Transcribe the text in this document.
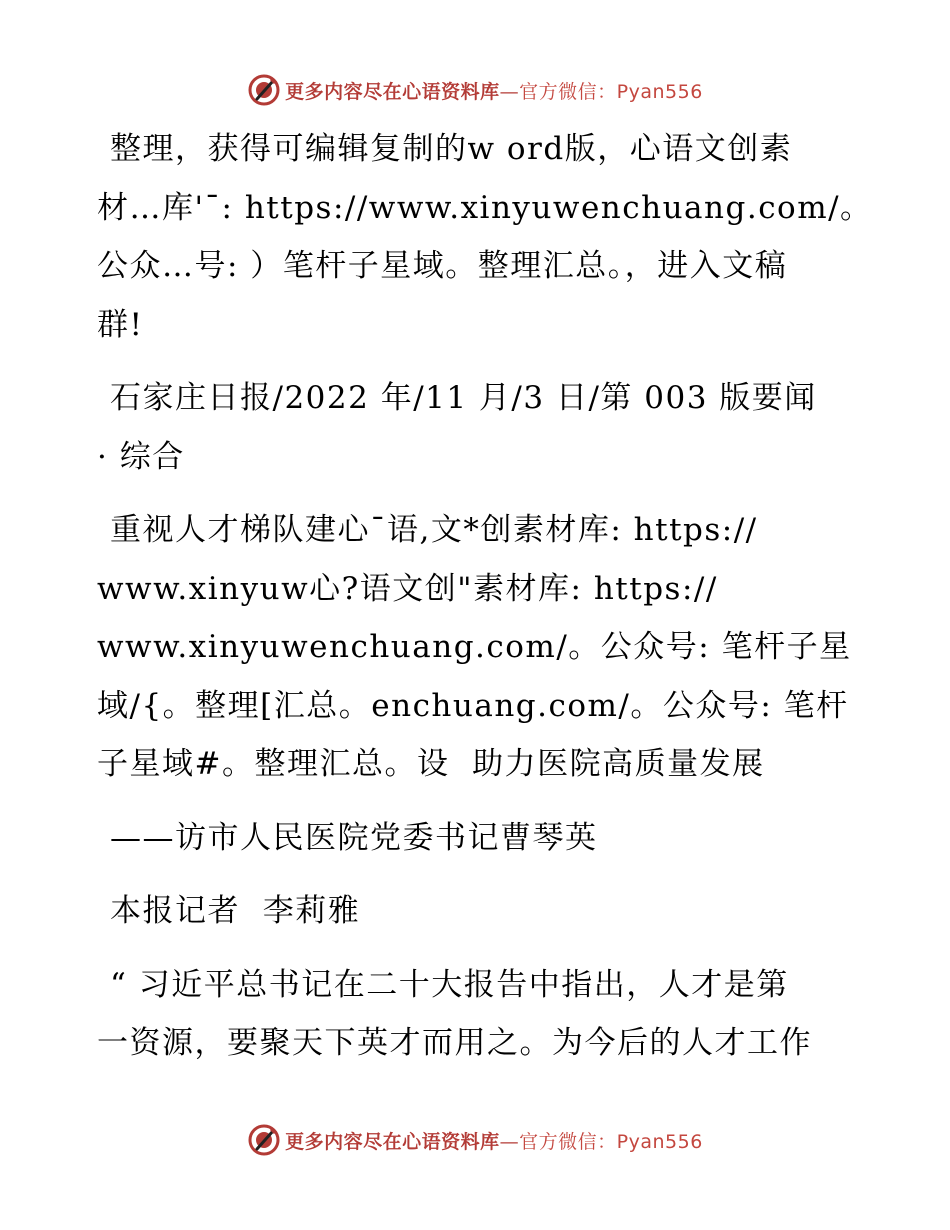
更多内容尽在心语资料库—官方微信：Pyan556
整理，获得可编辑复制的w ord版，心语文创素
材…库'¯: https://www.xinyuwenchuang.com/。
公众…号: ）笔杆子星域。整理汇总。，进入文稿
群!
石家庄日报/2022 年/11 月/3 日/第 003 版要闻
· 综合
重视人才梯队建心¯语,文*创素材库: https://
www.xinyuw心?语文创"素材库: https://
www.xinyuwenchuang.com/。公众号: 笔杆子星
域/{。整理[汇总。enchuang.com/。公众号: 笔杆
子星域#。整理汇总。设  助力医院高质量发展
——访市人民医院党委书记曹琴英
本报记者  李莉雅
“ 习近平总书记在二十大报告中指出，人才是第
一资源，要聚天下英才而用之。为今后的人才工作
更多内容尽在心语资料库—官方微信：Pyan556
